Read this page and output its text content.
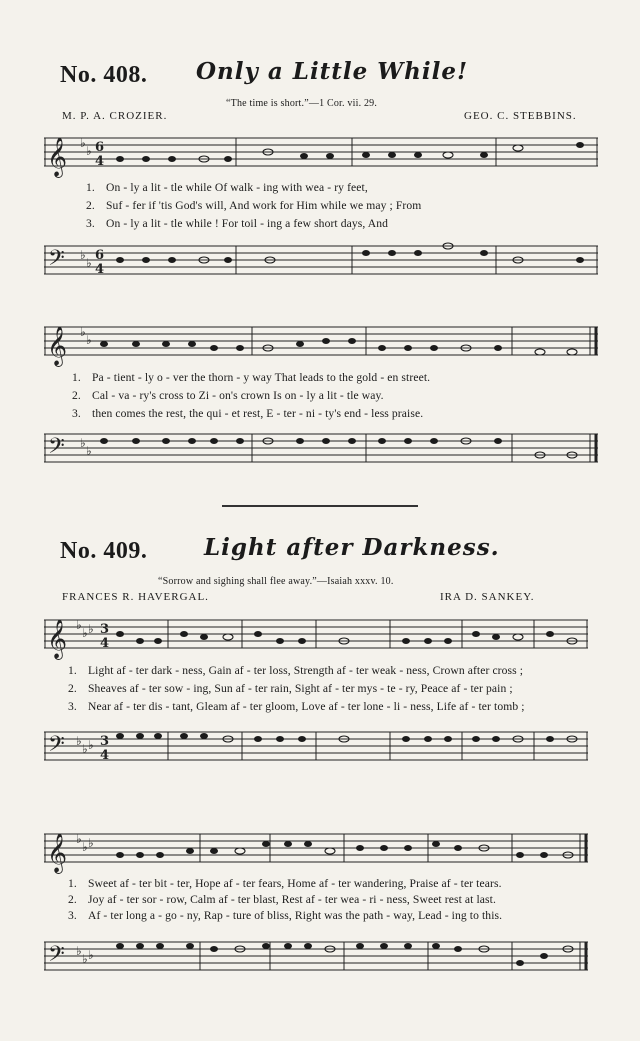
No. 408. Only a Little While!
“The time is short.”—1 Cor. vii. 29.
M. P. A. CROZIER.	GEO. C. STEBBINS.
𝄞 ♭
♭ 6
4
1. On - ly a lit - tle while Of walk - ing with wea - ry feet,
2. Suf - fer if 'tis God's will, And work for Him while we may ; From
3. On - ly a lit - tle while ! For toil - ing a few short days, And
𝄢 ♭
♭ 6
4
𝄞 ♭
♭
1. Pa - tient - ly o - ver the thorn - y way That leads to the gold - en street.
2. Cal - va - ry's cross to Zi - on's crown Is on - ly a lit - tle way.
3. then comes the rest, the qui - et rest, E - ter - ni - ty's end - less praise.
𝄢 ♭
♭
No. 409. Light after Darkness.
“Sorrow and sighing shall flee away.”—Isaiah xxxv. 10.
FRANCES R. HAVERGAL.	IRA D. SANKEY.
𝄞 ♭
♭ ♭ 3
4
1. Light af - ter dark - ness, Gain af - ter loss, Strength af - ter weak - ness, Crown after cross ;
2. Sheaves af - ter sow - ing, Sun af - ter rain, Sight af - ter mys - te - ry, Peace af - ter pain ;
3. Near af - ter dis - tant, Gleam af - ter gloom, Love af - ter lone - li - ness, Life af - ter tomb ;
𝄢 ♭
♭ ♭ 3
4
𝄞 ♭
♭ ♭
1. Sweet af - ter bit - ter, Hope af - ter fears, Home af - ter wandering, Praise af - ter tears.
2. Joy af - ter sor - row, Calm af - ter blast, Rest af - ter wea - ri - ness, Sweet rest at last.
3. Af - ter long a - go - ny, Rap - ture of bliss, Right was the path - way, Lead - ing to this.
𝄢 ♭
♭ ♭
